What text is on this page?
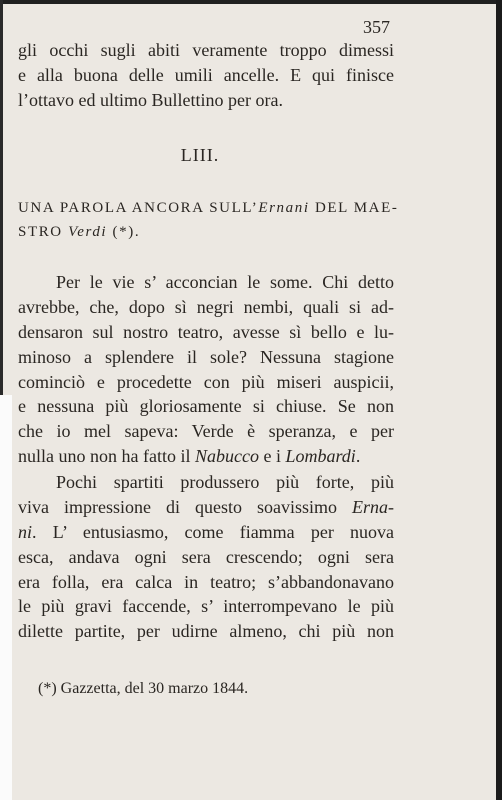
357
gli occhi sugli abiti veramente troppo dimessi
e alla buona delle umili ancelle. E qui finisce
l’ottavo ed ultimo Bullettino per ora.
LIII.
UNA PAROLA ANCORA SULL’Ernani DEL MAE-
STRO Verdi (*).
Per le vie s’ acconcian le some. Chi detto
avrebbe, che, dopo sì negri nembi, quali si ad-
densaron sul nostro teatro, avesse sì bello e lu-
minoso a splendere il sole? Nessuna stagione
cominciò e procedette con più miseri auspicii,
e nessuna più gloriosamente si chiuse. Se non
che io mel sapeva: Verde è speranza, e per
nulla uno non ha fatto il Nabucco e i Lombardi.
Pochi spartiti produssero più forte, più
viva impressione di questo soavissimo Erna-
ni. L’ entusiasmo, come fiamma per nuova
esca, andava ogni sera crescendo; ogni sera
era folla, era calca in teatro; s’abbandonavano
le più gravi faccende, s’ interrompevano le più
dilette partite, per udirne almeno, chi più non
(*) Gazzetta, del 30 marzo 1844.
